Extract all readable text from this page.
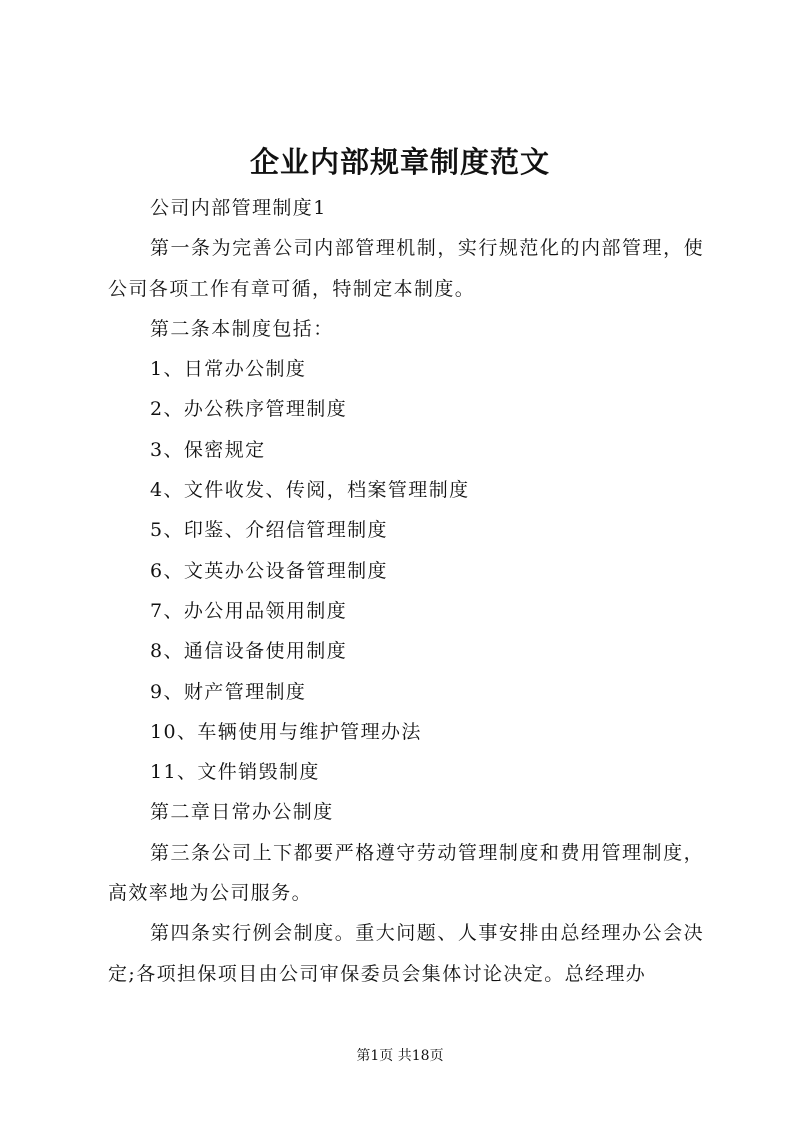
企业内部规章制度范文

公司内部管理制度1

第一条为完善公司内部管理机制，实行规范化的内部管理，使公司各项工作有章可循，特制定本制度。

第二条本制度包括：

1、日常办公制度

2、办公秩序管理制度

3、保密规定

4、文件收发、传阅，档案管理制度

5、印鉴、介绍信管理制度

6、文英办公设备管理制度

7、办公用品领用制度

8、通信设备使用制度

9、财产管理制度

10、车辆使用与维护管理办法

11、文件销毁制度

第二章日常办公制度

第三条公司上下都要严格遵守劳动管理制度和费用管理制度，高效率地为公司服务。

第四条实行例会制度。重大问题、人事安排由总经理办公会决定;各项担保项目由公司审保委员会集体讨论决定。总经理办

第1页 共18页
